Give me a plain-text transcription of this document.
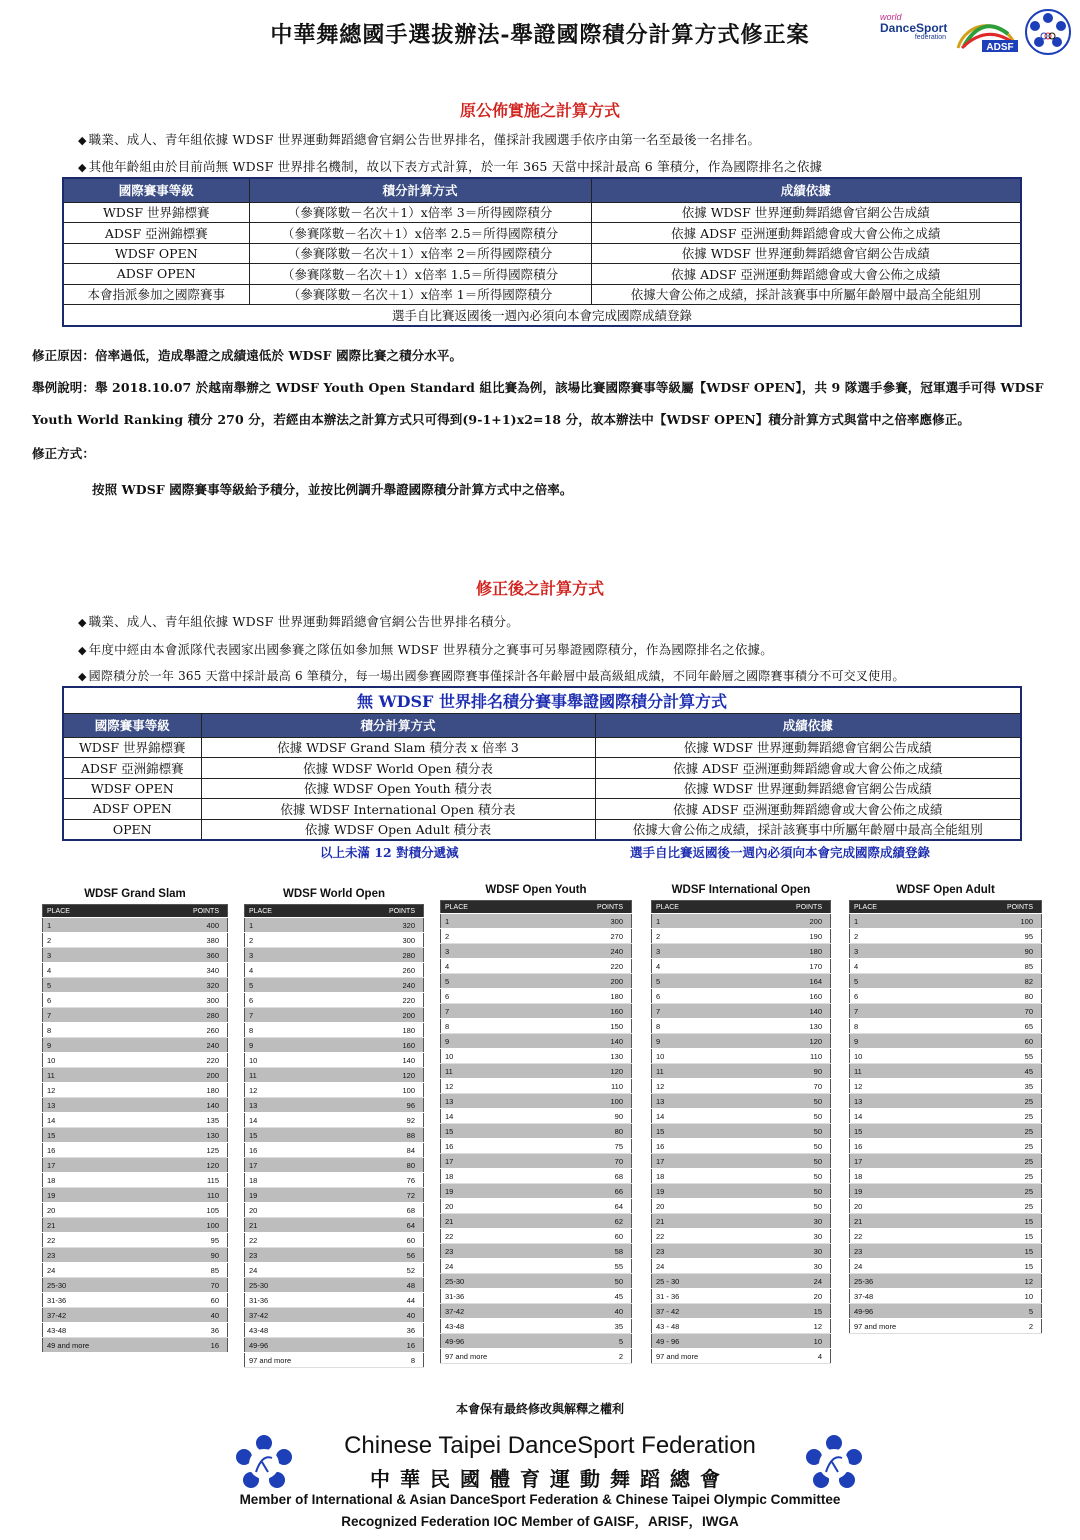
中華舞總國手選拔辦法-舉證國際積分計算方式修正案
world
DanceSport
federation
ADSF
原公佈實施之計算方式
◆ 職業、成人、青年組依據 WDSF 世界運動舞蹈總會官網公告世界排名，僅採計我國選手依序由第一名至最後一名排名。
◆ 其他年齡組由於目前尚無 WDSF 世界排名機制，故以下表方式計算，於一年 365 天當中採計最高 6 筆積分，作為國際排名之依據
國際賽事等級	積分計算方式	成績依據
WDSF 世界錦標賽	（參賽隊數－名次＋1）x倍率 3＝所得國際積分	依據 WDSF 世界運動舞蹈總會官網公告成績
ADSF 亞洲錦標賽	（參賽隊數－名次＋1）x倍率 2.5＝所得國際積分	依據 ADSF 亞洲運動舞蹈總會或大會公佈之成績
WDSF OPEN	（參賽隊數－名次＋1）x倍率 2＝所得國際積分	依據 WDSF 世界運動舞蹈總會官網公告成績
ADSF OPEN	（參賽隊數－名次＋1）x倍率 1.5＝所得國際積分	依據 ADSF 亞洲運動舞蹈總會或大會公佈之成績
本會指派參加之國際賽事	（參賽隊數－名次＋1）x倍率 1＝所得國際積分	依據大會公佈之成績，採計該賽事中所屬年齡層中最高全能組別
選手自比賽返國後一週內必須向本會完成國際成績登錄		
修正原因：倍率過低，造成舉證之成績遠低於 WDSF 國際比賽之積分水平。
舉例說明：舉 2018.10.07 於越南舉辦之 WDSF Youth Open Standard 組比賽為例，該場比賽國際賽事等級屬【WDSF OPEN】，共 9 隊選手參賽，冠軍選手可得 WDSF
Youth World Ranking 積分 270 分，若經由本辦法之計算方式只可得到(9-1+1)x2=18 分，故本辦法中【WDSF OPEN】積分計算方式與當中之倍率應修正。
修正方式：
按照 WDSF 國際賽事等級給予積分，並按比例調升舉證國際積分計算方式中之倍率。
修正後之計算方式
◆ 職業、成人、青年組依據 WDSF 世界運動舞蹈總會官網公告世界排名積分。
◆ 年度中經由本會派隊代表國家出國參賽之隊伍如參加無 WDSF 世界積分之賽事可另舉證國際積分，作為國際排名之依據。
◆ 國際積分於一年 365 天當中採計最高 6 筆積分，每一場出國參賽國際賽事僅採計各年齡層中最高級組成績，不同年齡層之國際賽事積分不可交叉使用。
無 WDSF 世界排名積分賽事舉證國際積分計算方式		
國際賽事等級	積分計算方式	成績依據
WDSF 世界錦標賽	依據 WDSF Grand Slam 積分表 x 倍率 3	依據 WDSF 世界運動舞蹈總會官網公告成績
ADSF 亞洲錦標賽	依據 WDSF World Open 積分表	依據 ADSF 亞洲運動舞蹈總會或大會公佈之成績
WDSF OPEN	依據 WDSF Open Youth 積分表	依據 WDSF 世界運動舞蹈總會官網公告成績
ADSF OPEN	依據 WDSF International Open 積分表	依據 ADSF 亞洲運動舞蹈總會或大會公佈之成績
OPEN	依據 WDSF Open Adult 積分表	依據大會公佈之成績，採計該賽事中所屬年齡層中最高全能組別
以上未滿 12 對積分遞減	選手自比賽返國後一週內必須向本會完成國際成績登錄
WDSF Grand Slam
PLACE	POINTS
1	400
2	380
3	360
4	340
5	320
6	300
7	280
8	260
9	240
10	220
11	200
12	180
13	140
14	135
15	130
16	125
17	120
18	115
19	110
20	105
21	100
22	95
23	90
24	85
25-30	70
31-36	60
37-42	40
43-48	36
49 and more	16
WDSF World Open
PLACE	POINTS
1	320
2	300
3	280
4	260
5	240
6	220
7	200
8	180
9	160
10	140
11	120
12	100
13	96
14	92
15	88
16	84
17	80
18	76
19	72
20	68
21	64
22	60
23	56
24	52
25-30	48
31-36	44
37-42	40
43-48	36
49-96	16
97 and more	8
WDSF Open Youth
PLACE	POINTS
1	300
2	270
3	240
4	220
5	200
6	180
7	160
8	150
9	140
10	130
11	120
12	110
13	100
14	90
15	80
16	75
17	70
18	68
19	66
20	64
21	62
22	60
23	58
24	55
25-30	50
31-36	45
37-42	40
43-48	35
49-96	5
97 and more	2
WDSF International Open
PLACE	POINTS
1	200
2	190
3	180
4	170
5	164
6	160
7	140
8	130
9	120
10	110
11	90
12	70
13	50
14	50
15	50
16	50
17	50
18	50
19	50
20	50
21	30
22	30
23	30
24	30
25 - 30	24
31 - 36	20
37 - 42	15
43 - 48	12
49 - 96	10
97 and more	4
WDSF Open Adult
PLACE	POINTS
1	100
2	95
3	90
4	85
5	82
6	80
7	70
8	65
9	60
10	55
11	45
12	35
13	25
14	25
15	25
16	25
17	25
18	25
19	25
20	25
21	15
22	15
23	15
24	15
25-36	12
37-48	10
49-96	5
97 and more	2
本會保有最終修改與解釋之權利
Chinese Taipei DanceSport Federation
中華民國體育運動舞蹈總會
Member of International & Asian DanceSport Federation & Chinese Taipei Olympic Committee
Recognized Federation IOC Member of GAISF，ARISF，IWGA
